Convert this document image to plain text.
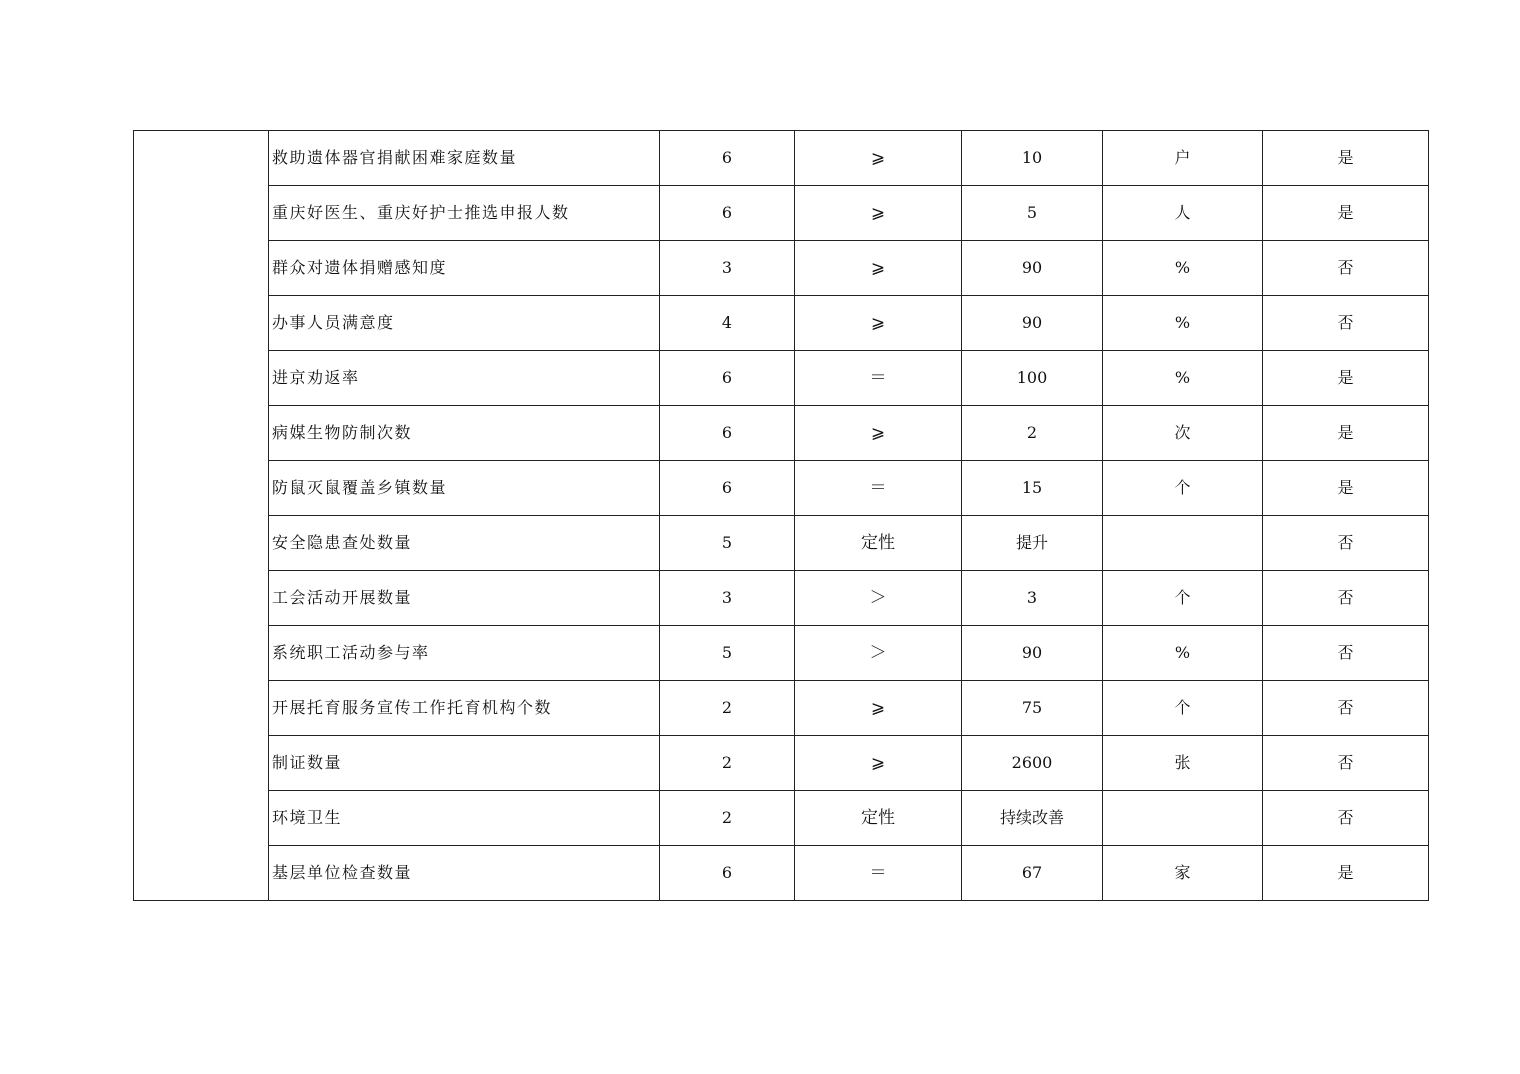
	救助遗体器官捐献困难家庭数量	6	⩾	10	户	是
	重庆好医生、重庆好护士推选申报人数	6	⩾	5	人	是
	群众对遗体捐赠感知度	3	⩾	90	%	否
	办事人员满意度	4	⩾	90	%	否
	进京劝返率	6	＝	100	%	是
	病媒生物防制次数	6	⩾	2	次	是
	防鼠灭鼠覆盖乡镇数量	6	＝	15	个	是
	安全隐患查处数量	5	定性	提升		否
	工会活动开展数量	3	＞	3	个	否
	系统职工活动参与率	5	＞	90	%	否
	开展托育服务宣传工作托育机构个数	2	⩾	75	个	否
	制证数量	2	⩾	2600	张	否
	环境卫生	2	定性	持续改善		否
	基层单位检查数量	6	＝	67	家	是
